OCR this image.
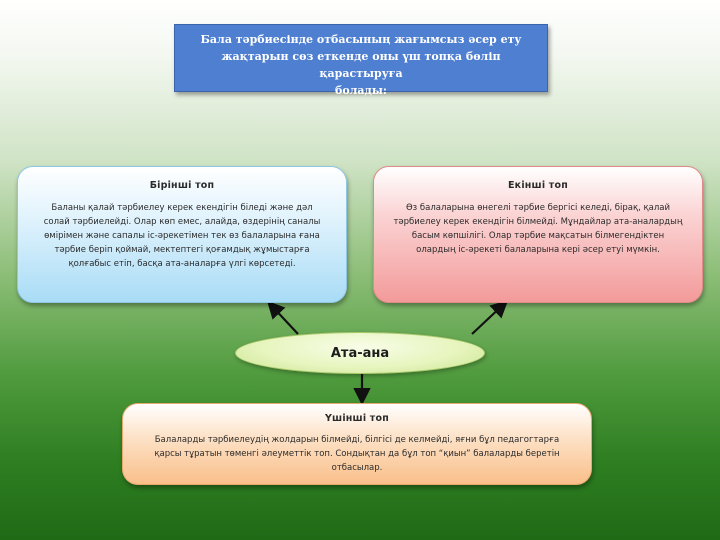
Бала тәрбиесінде отбасының жағымсыз әсер ету
жақтарын сөз еткенде оны үш топқа бөліп қарастыруға
болады:
Бірінші топ
Баланы қалай тәрбиелеу керек екендігін біледі және дәл солай тәрбиелейді. Олар көп емес, алайда, өздерінің саналы өмірімен және сапалы іс-әрекетімен тек өз балаларына ғана тәрбие беріп қоймай, мектептегі қоғамдық жұмыстарға қолғабыс етіп, басқа ата-аналарға үлгі көрсетеді.
Екінші топ
Өз балаларына өнегелі тәрбие бергісі келеді, бірақ, қалай тәрбиелеу керек екендігін білмейді. Мұндайлар ата-аналардың басым көпшілігі. Олар тәрбие мақсатын білмегендіктен олардың іс-әрекеті балаларына кері әсер етуі мүмкін.
Ата-ана
Үшінші топ
Балаларды тәрбиелеудің жолдарын білмейді, білгісі де келмейді, яғни бұл педагогтарға қарсы тұратын төменгі әлеуметтік топ. Сондықтан да бұл топ “қиын” балаларды беретін отбасылар.
